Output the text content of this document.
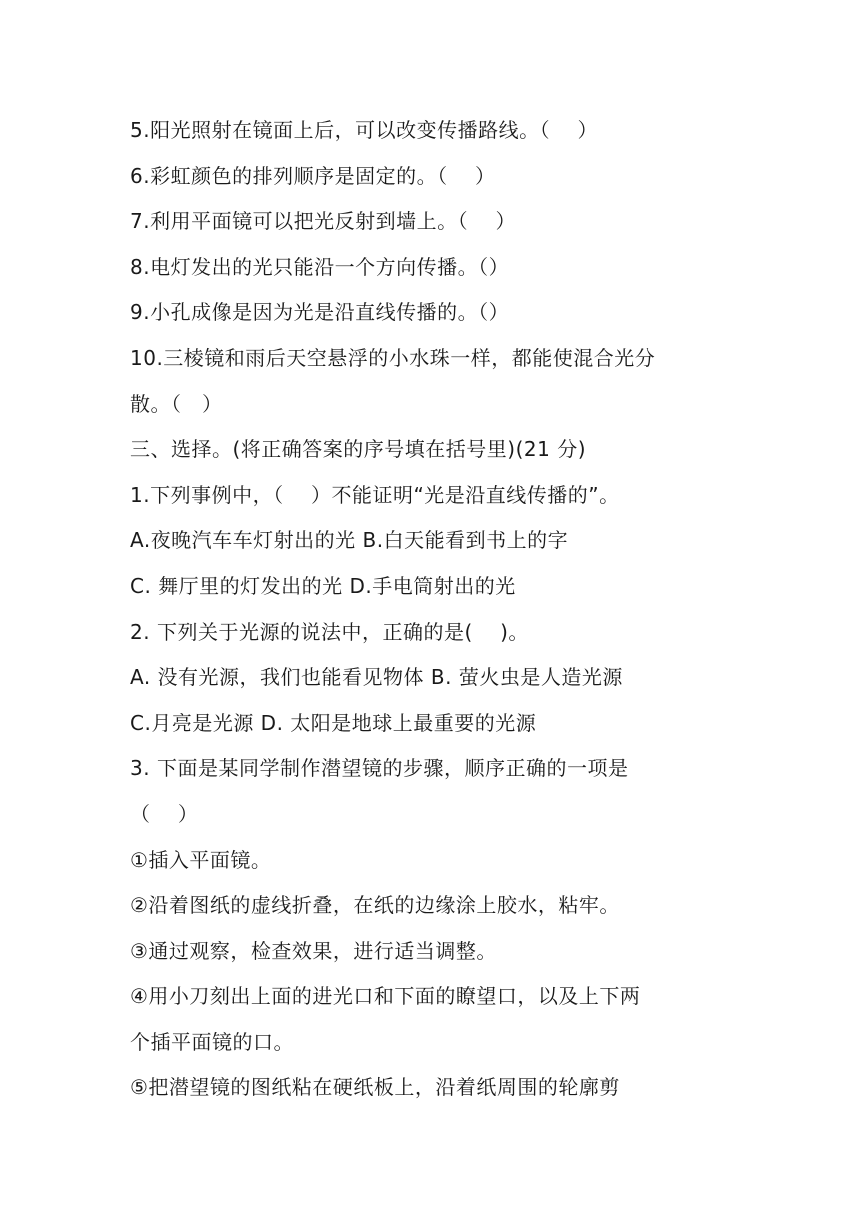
5.阳光照射在镜面上后，可以改变传播路线。（　 ）
6.彩虹颜色的排列顺序是固定的。（　 ）
7.利用平面镜可以把光反射到墙上。（　 ）
8.电灯发出的光只能沿一个方向传播。（）
9.小孔成像是因为光是沿直线传播的。（）
10.三棱镜和雨后天空悬浮的小水珠一样，都能使混合光分
散。（　）
三、选择。(将正确答案的序号填在括号里)(21 分)
1.下列事例中，（　 ）不能证明“光是沿直线传播的”。
A.夜晚汽车车灯射出的光 B.白天能看到书上的字
C. 舞厅里的灯发出的光 D.手电筒射出的光
2. 下列关于光源的说法中，正确的是(　 )。
A. 没有光源，我们也能看见物体 B. 萤火虫是人造光源
C.月亮是光源 D. 太阳是地球上最重要的光源
3. 下面是某同学制作潜望镜的步骤，顺序正确的一项是
（　 ）
①插入平面镜。
②沿着图纸的虚线折叠，在纸的边缘涂上胶水，粘牢。
③通过观察，检查效果，进行适当调整。
④用小刀刻出上面的进光口和下面的瞭望口，以及上下两
个插平面镜的口。
⑤把潜望镜的图纸粘在硬纸板上，沿着纸周围的轮廓剪
